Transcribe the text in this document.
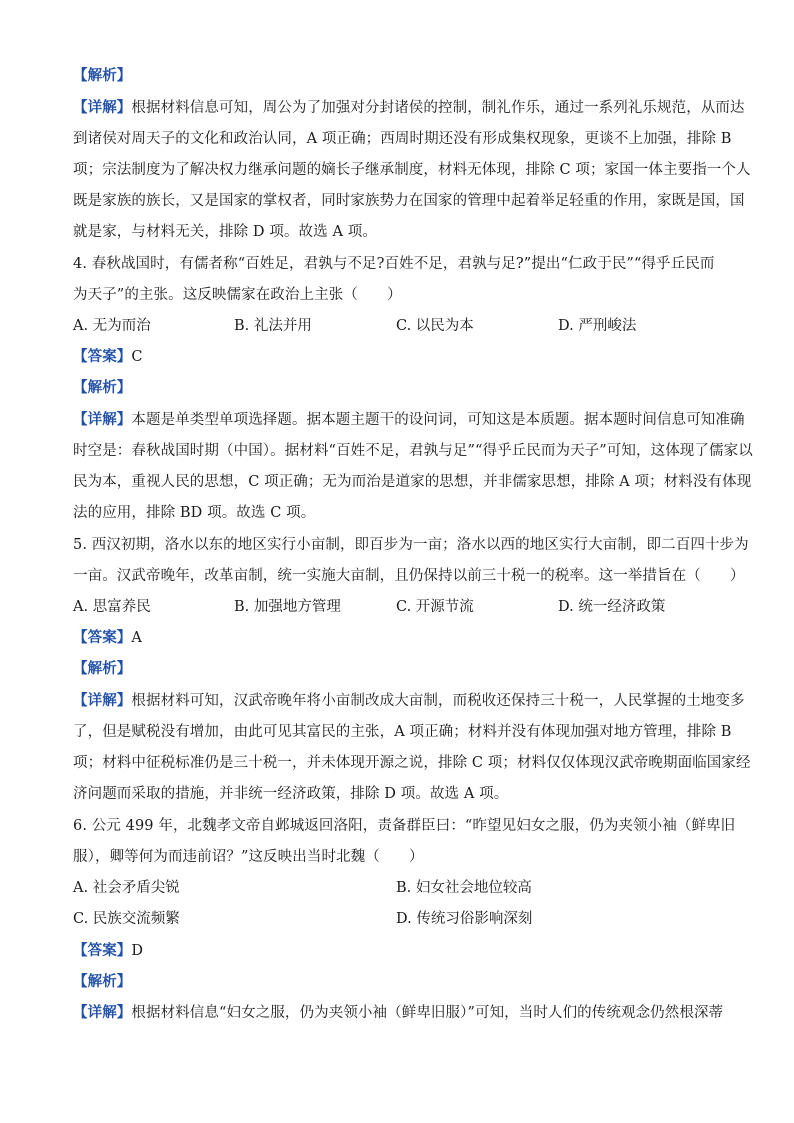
【解析】
【详解】根据材料信息可知，周公为了加强对分封诸侯的控制，制礼作乐，通过一系列礼乐规范，从而达
到诸侯对周天子的文化和政治认同，A 项正确；西周时期还没有形成集权现象，更谈不上加强，排除 B
项；宗法制度为了解决权力继承问题的嫡长子继承制度，材料无体现，排除 C 项；家国一体主要指一个人
既是家族的族长，又是国家的掌权者，同时家族势力在国家的管理中起着举足轻重的作用，家既是国，国
就是家，与材料无关，排除 D 项。故选 A 项。
4. 春秋战国时，有儒者称“百姓足，君孰与不足?百姓不足，君孰与足?”提出“仁政于民”“得乎丘民而
为天子”的主张。这反映儒家在政治上主张（　　）
A. 无为而治	B. 礼法并用	C. 以民为本	D. 严刑峻法
【答案】C
【解析】
【详解】本题是单类型单项选择题。据本题主题干的设问词，可知这是本质题。据本题时间信息可知准确
时空是：春秋战国时期（中国）。据材料“百姓不足，君孰与足”“得乎丘民而为天子”可知，这体现了儒家以
民为本，重视人民的思想，C 项正确；无为而治是道家的思想，并非儒家思想，排除 A 项；材料没有体现
法的应用，排除 BD 项。故选 C 项。
5. 西汉初期，洛水以东的地区实行小亩制，即百步为一亩；洛水以西的地区实行大亩制，即二百四十步为
一亩。汉武帝晚年，改革亩制，统一实施大亩制，且仍保持以前三十税一的税率。这一举措旨在（　　）
A. 思富养民	B. 加强地方管理	C. 开源节流	D. 统一经济政策
【答案】A
【解析】
【详解】根据材料可知，汉武帝晚年将小亩制改成大亩制，而税收还保持三十税一，人民掌握的土地变多
了，但是赋税没有增加，由此可见其富民的主张，A 项正确；材料并没有体现加强对地方管理，排除 B
项；材料中征税标准仍是三十税一，并未体现开源之说，排除 C 项；材料仅仅体现汉武帝晚期面临国家经
济问题而采取的措施，并非统一经济政策，排除 D 项。故选 A 项。
6. 公元 499 年，北魏孝文帝自邺城返回洛阳，责备群臣曰：“昨望见妇女之服，仍为夹领小袖（鲜卑旧
服），卿等何为而违前诏？”这反映出当时北魏（　　）
A. 社会矛盾尖锐	B. 妇女社会地位较高
C. 民族交流频繁	D. 传统习俗影响深刻
【答案】D
【解析】
【详解】根据材料信息“妇女之服，仍为夹领小袖（鲜卑旧服）”可知，当时人们的传统观念仍然根深蒂
